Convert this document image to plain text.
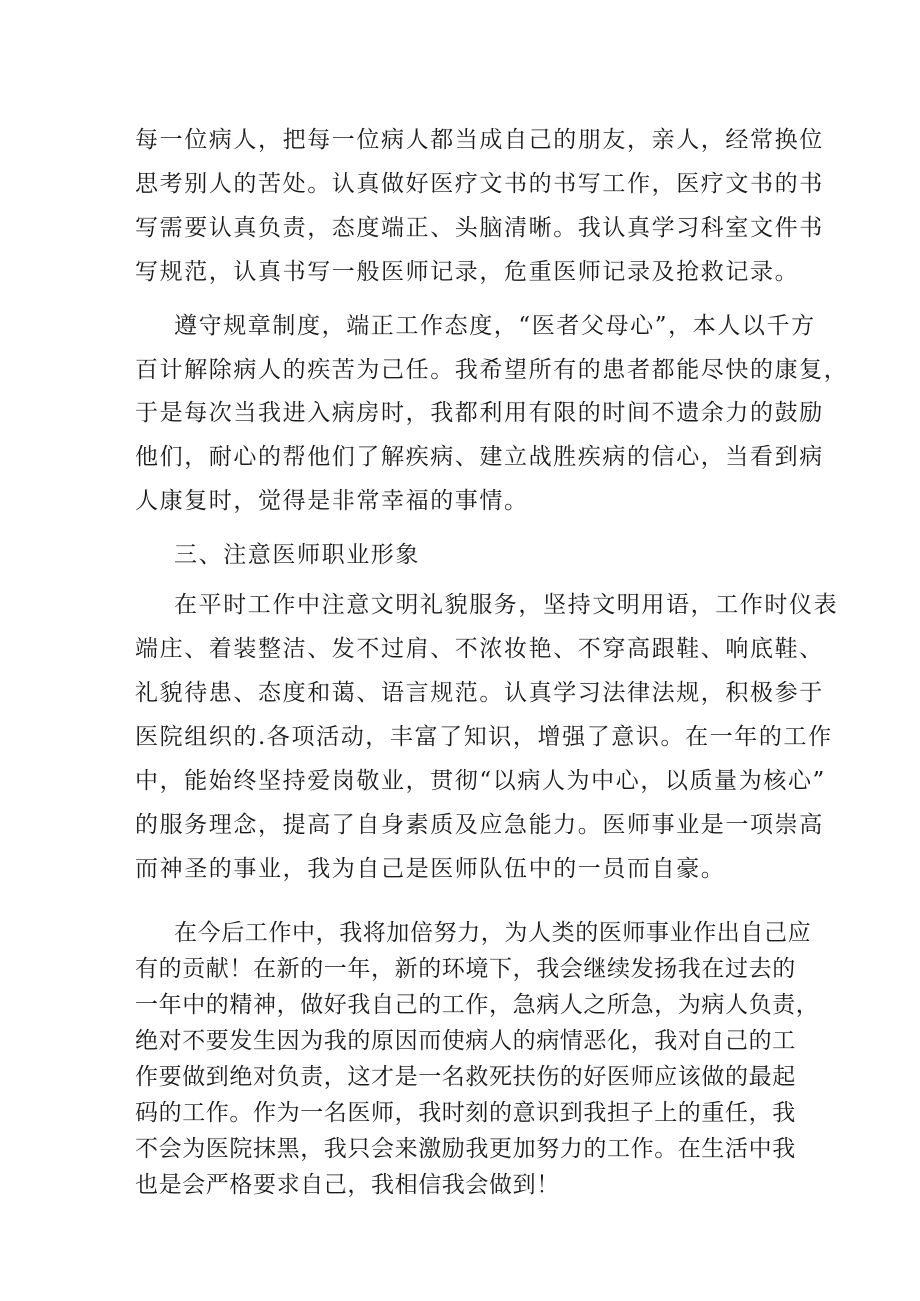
每一位病人，把每一位病人都当成自己的朋友，亲人，经常换位
思考别人的苦处。认真做好医疗文书的书写工作，医疗文书的书
写需要认真负责，态度端正、头脑清晰。我认真学习科室文件书
写规范，认真书写一般医师记录，危重医师记录及抢救记录。
遵守规章制度，端正工作态度，“医者父母心”，本人以千方
百计解除病人的疾苦为己任。我希望所有的患者都能尽快的康复，
于是每次当我进入病房时，我都利用有限的时间不遗余力的鼓励
他们，耐心的帮他们了解疾病、建立战胜疾病的信心，当看到病
人康复时，觉得是非常幸福的事情。
三、注意医师职业形象
在平时工作中注意文明礼貌服务，坚持文明用语，工作时仪表
端庄、着装整洁、发不过肩、不浓妆艳、不穿高跟鞋、响底鞋、
礼貌待患、态度和蔼、语言规范。认真学习法律法规，积极参于
医院组织的.各项活动，丰富了知识，增强了意识。在一年的工作
中，能始终坚持爱岗敬业，贯彻“以病人为中心，以质量为核心”
的服务理念，提高了自身素质及应急能力。医师事业是一项崇高
而神圣的事业，我为自己是医师队伍中的一员而自豪。
在今后工作中，我将加倍努力，为人类的医师事业作出自己应
有的贡献！在新的一年，新的环境下，我会继续发扬我在过去的
一年中的精神，做好我自己的工作，急病人之所急，为病人负责，
绝对不要发生因为我的原因而使病人的病情恶化，我对自己的工
作要做到绝对负责，这才是一名救死扶伤的好医师应该做的最起
码的工作。作为一名医师，我时刻的意识到我担子上的重任，我
不会为医院抹黑，我只会来激励我更加努力的工作。在生活中我
也是会严格要求自己，我相信我会做到！
